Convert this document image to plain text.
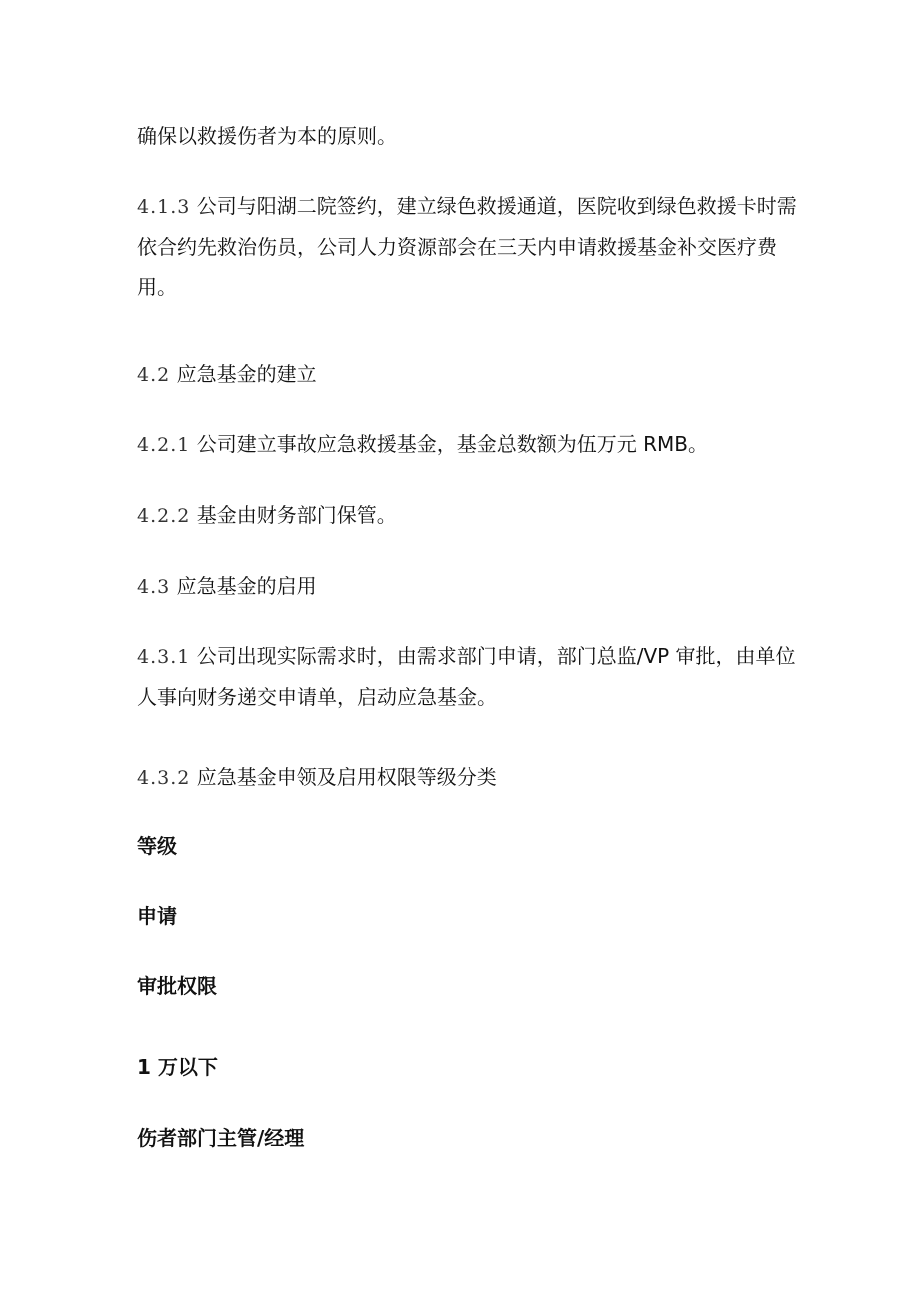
确保以救援伤者为本的原则。

4.1.3 公司与阳湖二院签约，建立绿色救援通道，医院收到绿色救援卡时需依合约先救治伤员，公司人力资源部会在三天内申请救援基金补交医疗费用。

4.2 应急基金的建立

4.2.1 公司建立事故应急救援基金，基金总数额为伍万元 RMB。

4.2.2 基金由财务部门保管。

4.3 应急基金的启用

4.3.1 公司出现实际需求时，由需求部门申请，部门总监/VP 审批，由单位人事向财务递交申请单，启动应急基金。

4.3.2 应急基金申领及启用权限等级分类

等级

申请

审批权限

1 万以下

伤者部门主管/经理
